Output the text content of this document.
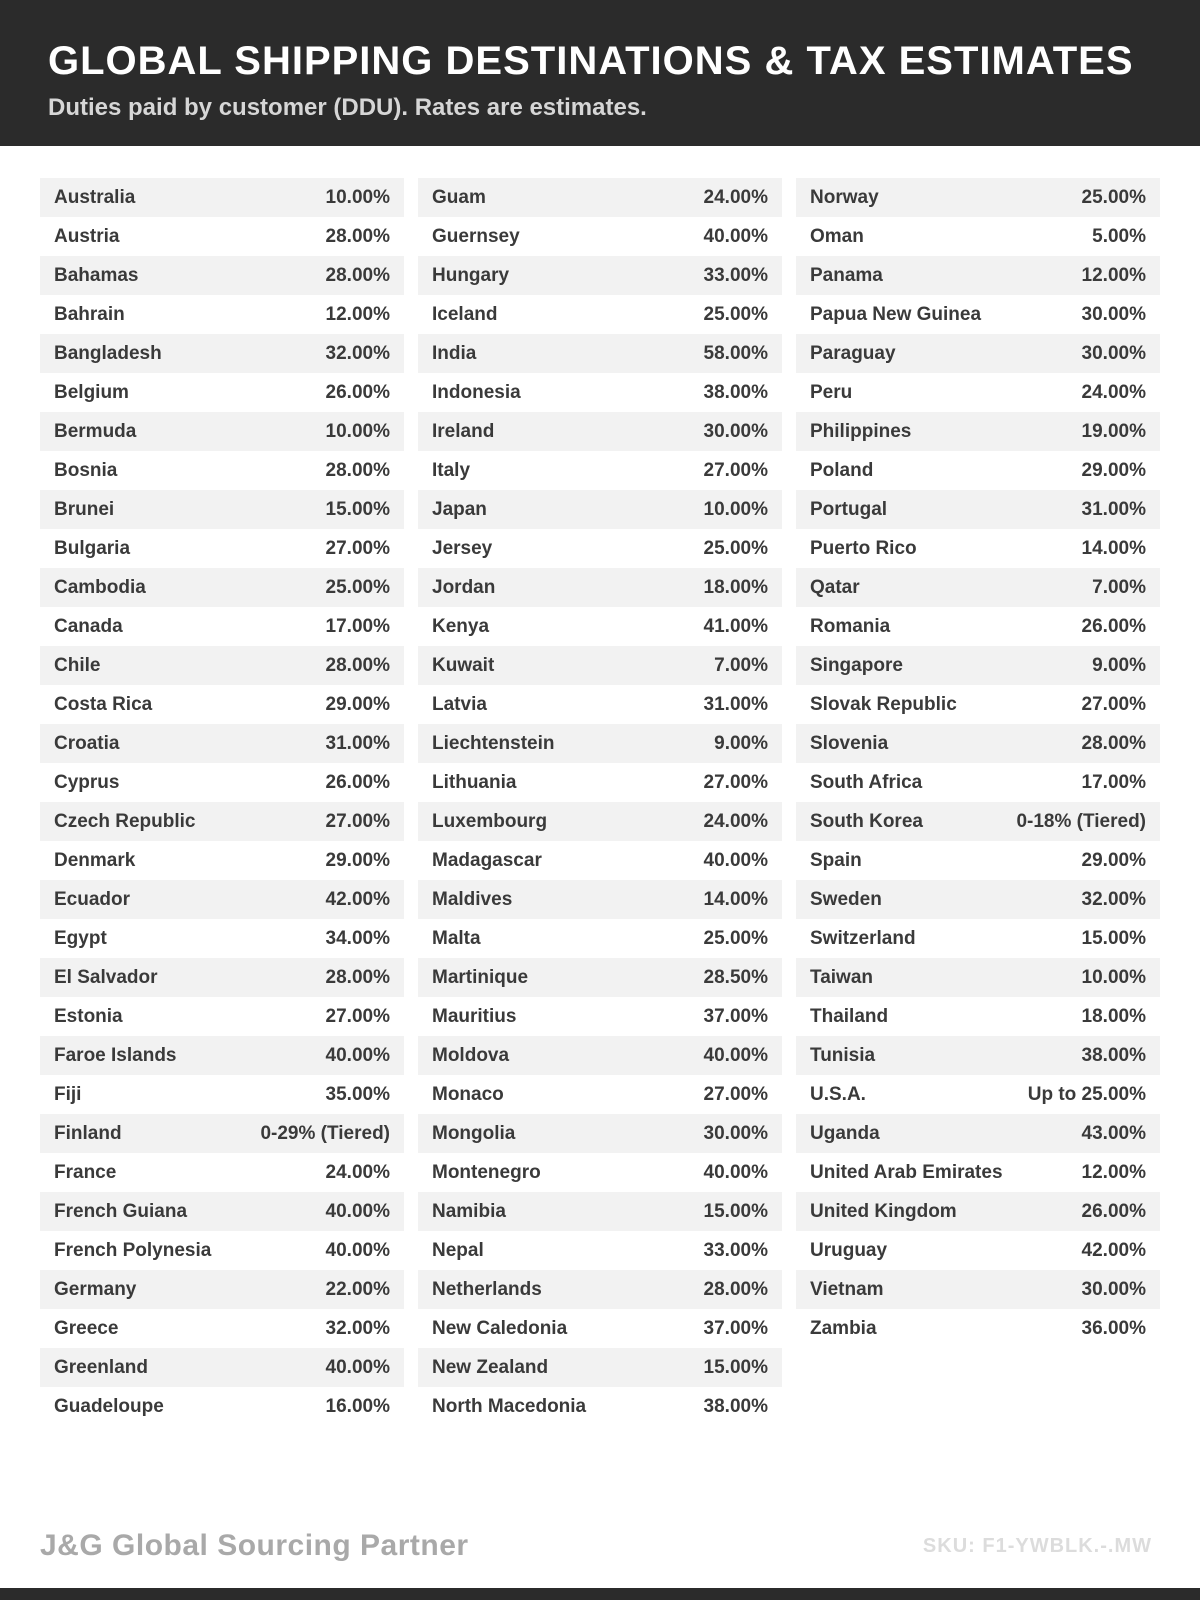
GLOBAL SHIPPING DESTINATIONS & TAX ESTIMATES

Duties paid by customer (DDU). Rates are estimates.

Australia	10.00%
Austria	28.00%
Bahamas	28.00%
Bahrain	12.00%
Bangladesh	32.00%
Belgium	26.00%
Bermuda	10.00%
Bosnia	28.00%
Brunei	15.00%
Bulgaria	27.00%
Cambodia	25.00%
Canada	17.00%
Chile	28.00%
Costa Rica	29.00%
Croatia	31.00%
Cyprus	26.00%
Czech Republic	27.00%
Denmark	29.00%
Ecuador	42.00%
Egypt	34.00%
El Salvador	28.00%
Estonia	27.00%
Faroe Islands	40.00%
Fiji	35.00%
Finland	0-29% (Tiered)
France	24.00%
French Guiana	40.00%
French Polynesia	40.00%
Germany	22.00%
Greece	32.00%
Greenland	40.00%
Guadeloupe	16.00%
Guam	24.00%
Guernsey	40.00%
Hungary	33.00%
Iceland	25.00%
India	58.00%
Indonesia	38.00%
Ireland	30.00%
Italy	27.00%
Japan	10.00%
Jersey	25.00%
Jordan	18.00%
Kenya	41.00%
Kuwait	7.00%
Latvia	31.00%
Liechtenstein	9.00%
Lithuania	27.00%
Luxembourg	24.00%
Madagascar	40.00%
Maldives	14.00%
Malta	25.00%
Martinique	28.50%
Mauritius	37.00%
Moldova	40.00%
Monaco	27.00%
Mongolia	30.00%
Montenegro	40.00%
Namibia	15.00%
Nepal	33.00%
Netherlands	28.00%
New Caledonia	37.00%
New Zealand	15.00%
North Macedonia	38.00%
Norway	25.00%
Oman	5.00%
Panama	12.00%
Papua New Guinea	30.00%
Paraguay	30.00%
Peru	24.00%
Philippines	19.00%
Poland	29.00%
Portugal	31.00%
Puerto Rico	14.00%
Qatar	7.00%
Romania	26.00%
Singapore	9.00%
Slovak Republic	27.00%
Slovenia	28.00%
South Africa	17.00%
South Korea	0-18% (Tiered)
Spain	29.00%
Sweden	32.00%
Switzerland	15.00%
Taiwan	10.00%
Thailand	18.00%
Tunisia	38.00%
U.S.A.	Up to 25.00%
Uganda	43.00%
United Arab Emirates	12.00%
United Kingdom	26.00%
Uruguay	42.00%
Vietnam	30.00%
Zambia	36.00%
J&G Global Sourcing Partner	SKU: F1-YWBLK.-.MW
